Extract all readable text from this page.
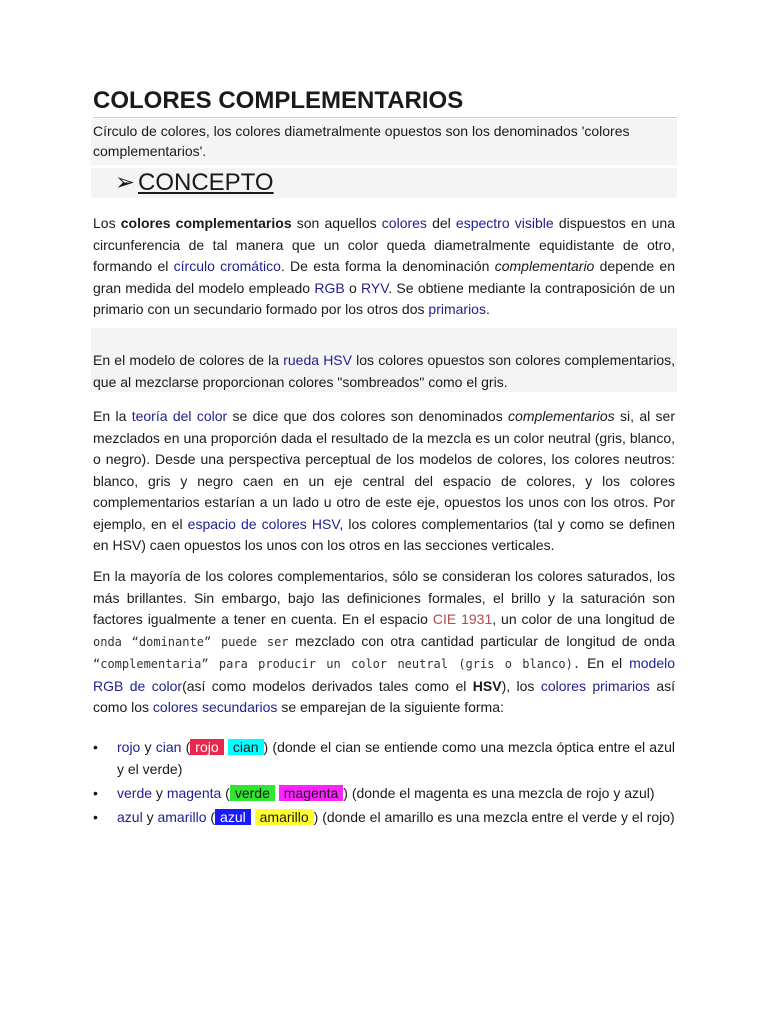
COLORES COMPLEMENTARIOS
Círculo de colores, los colores diametralmente opuestos son los denominados 'colores complementarios'.
➢ CONCEPTO

Los colores complementarios son aquellos colores del espectro visible dispuestos en una circunferencia de tal manera que un color queda diametralmente equidistante de otro, formando el círculo cromático. De esta forma la denominación complementario depende en gran medida del modelo empleado RGB o RYV. Se obtiene mediante la contraposición de un primario con un secundario formado por los otros dos primarios.

En el modelo de colores de la rueda HSV los colores opuestos son colores complementarios, que al mezclarse proporcionan colores "sombreados" como el gris.

En la teoría del color se dice que dos colores son denominados complementarios si, al ser mezclados en una proporción dada el resultado de la mezcla es un color neutral (gris, blanco, o negro). Desde una perspectiva perceptual de los modelos de colores, los colores neutros: blanco, gris y negro caen en un eje central del espacio de colores, y los colores complementarios estarían a un lado u otro de este eje, opuestos los unos con los otros. Por ejemplo, en el espacio de colores HSV, los colores complementarios (tal y como se definen en HSV) caen opuestos los unos con los otros en las secciones verticales.

En la mayoría de los colores complementarios, sólo se consideran los colores saturados, los más brillantes. Sin embargo, bajo las definiciones formales, el brillo y la saturación son factores igualmente a tener en cuenta. En el espacio CIE 1931, un color de una longitud de onda “dominante” puede ser mezclado con otra cantidad particular de longitud de onda “complementaria” para producir un color neutral (gris o blanco). En el modelo RGB de color(así como modelos derivados tales como el HSV), los colores primarios así como los colores secundarios se emparejan de la siguiente forma:

• rojo y cian ( rojo cian ) (donde el cian se entiende como una mezcla óptica entre el azul y el verde)
• verde y magenta ( verde magenta ) (donde el magenta es una mezcla de rojo y azul)
• azul y amarillo ( azul amarillo ) (donde el amarillo es una mezcla entre el verde y el rojo)
